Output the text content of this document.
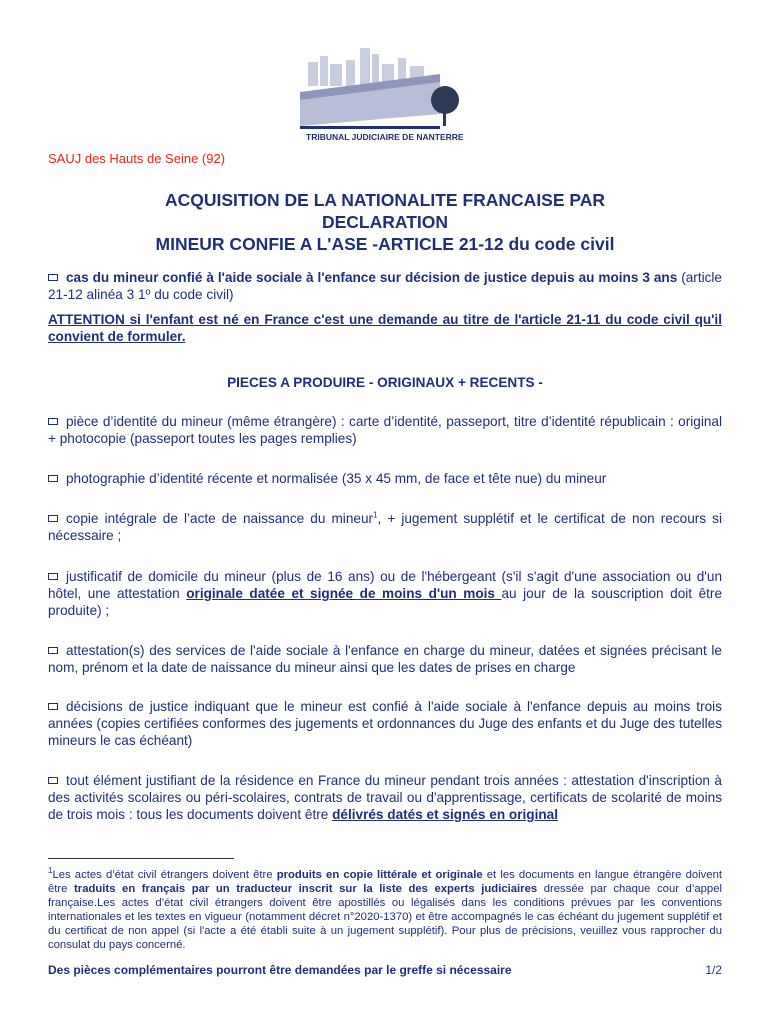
TRIBUNAL JUDICIAIRE DE NANTERRE
SAUJ des Hauts de Seine (92)
ACQUISITION DE LA NATIONALITE FRANCAISE PAR
DECLARATION
MINEUR CONFIE A L'ASE -ARTICLE 21-12 du code civil
cas du mineur confié à l'aide sociale à l'enfance sur décision de justice depuis au moins 3 ans (article 21-12 alinéa 3 1º du code civil)
ATTENTION si l'enfant est né en France c'est une demande au titre de l'article 21-11 du code civil qu'il convient de formuler.
PIECES A PRODUIRE - ORIGINAUX + RECENTS -
pièce d’identité du mineur (même étrangère) : carte d’identité, passeport, titre d’identité républicain : original + photocopie (passeport toutes les pages remplies)
photographie d’identité récente et normalisée (35 x 45 mm, de face et tête nue) du mineur
copie intégrale de l’acte de naissance du mineur$^1$, + jugement supplétif et le certificat de non recours si nécessaire ;
justificatif de domicile du mineur (plus de 16 ans) ou de l'hébergeant (s'il s'agit d'une association ou d'un hôtel, une attestation originale datée et signée de moins d'un mois au jour de la souscription doit être produite) ;
attestation(s) des services de l'aide sociale à l'enfance en charge du mineur, datées et signées précisant le nom, prénom et la date de naissance du mineur ainsi que les dates de prises en charge
décisions de justice indiquant que le mineur est confié à l'aide sociale à l'enfance depuis au moins trois années (copies certifiées conformes des jugements et ordonnances du Juge des enfants et du Juge des tutelles mineurs le cas échéant)
tout élément justifiant de la résidence en France du mineur pendant trois années : attestation d'inscription à des activités scolaires ou péri-scolaires, contrats de travail ou d'apprentissage, certificats de scolarité de moins de trois mois : tous les documents doivent être délivrés datés et signés en original
$^1$Les actes d’état civil étrangers doivent être produits en copie littérale et originale et les documents en langue étrangère doivent être traduits en français par un traducteur inscrit sur la liste des experts judiciaires dressée par chaque cour d’appel française.Les actes d’état civil étrangers doivent être apostillés ou légalisés dans les conditions prévues par les conventions internationales et les textes en vigueur (notamment décret n°2020-1370) et être accompagnés le cas échéant du jugement supplétif et du certificat de non appel (si l'acte a été établi suite à un jugement supplétif). Pour plus de précisions, veuillez vous rapprocher du consulat du pays concerné.
Des pièces complémentaires pourront être demandées par le greffe si nécessaire	1/2
